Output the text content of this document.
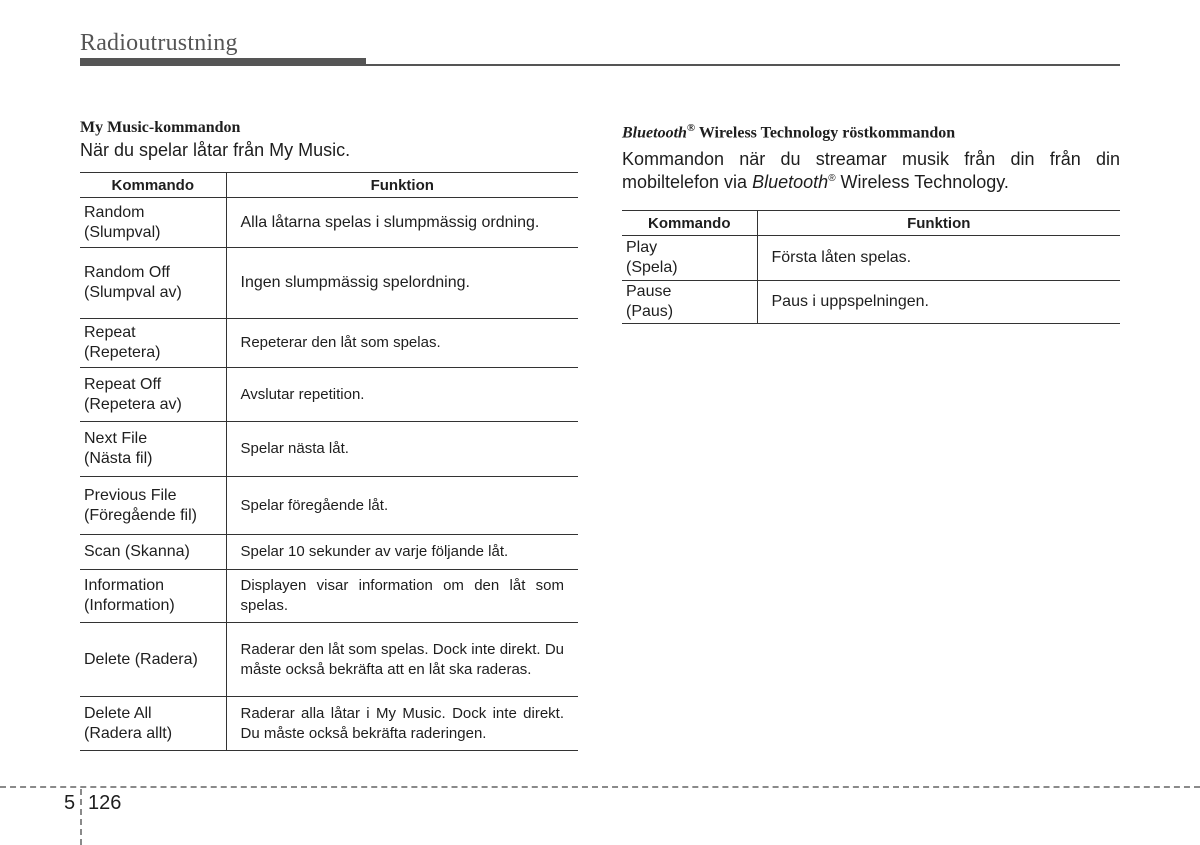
Radioutrustning

My Music-kommandon

När du spelar låtar från My Music.

Kommando	Funktion

Random
(Slumpval)	Alla låtarna spelas i slumpmässig ordning.

Random Off
(Slumpval av)	Ingen slumpmässig spelordning.

Repeat
(Repetera)	Repeterar den låt som spelas.

Repeat Off
(Repetera av)	Avslutar repetition.

Next File
(Nästa fil)	Spelar nästa låt.

Previous File
(Föregående fil)	Spelar föregående låt.

Scan (Skanna)	Spelar 10 sekunder av varje följande låt.

Information
(Information)	Displayen visar information om den låt som spelas.

Delete (Radera)	Raderar den låt som spelas. Dock inte direkt. Du måste också bekräfta att en låt ska raderas.

Delete All
(Radera allt)	Raderar alla låtar i My Music. Dock inte direkt. Du måste också bekräfta raderingen.

Bluetooth® Wireless Technology röstkommandon

Kommandon när du streamar musik från din från din mobiltelefon via Bluetooth® Wireless Technology.

Kommando	Funktion

Play
(Spela)	Första låten spelas.

Pause
(Paus)	Paus i uppspelningen.
5 126
